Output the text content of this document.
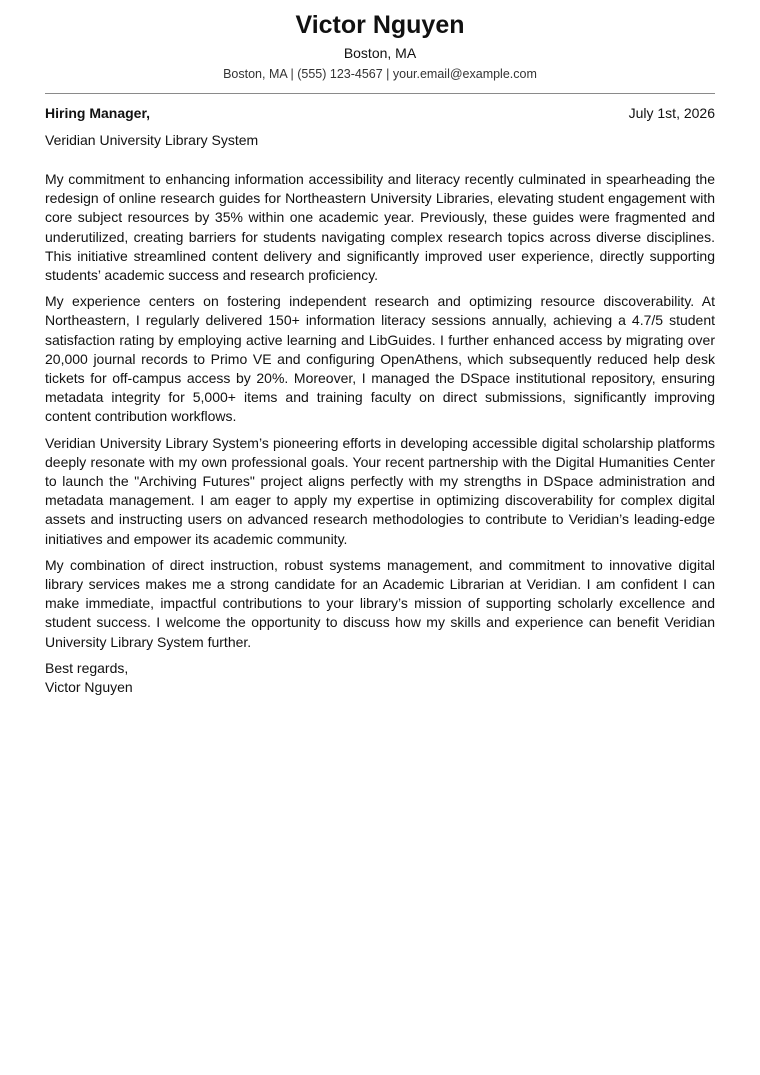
Victor Nguyen
Boston, MA
Boston, MA | (555) 123-4567 | your.email@example.com
Hiring Manager,	July 1st, 2026
Veridian University Library System

My commitment to enhancing information accessibility and literacy recently culminated in spearheading the redesign of online research guides for Northeastern University Libraries, elevating student engagement with core subject resources by 35% within one academic year. Previously, these guides were fragmented and underutilized, creating barriers for students navigating complex research topics across diverse disciplines. This initiative streamlined content delivery and significantly improved user experience, directly supporting students’ academic success and research proficiency.

My experience centers on fostering independent research and optimizing resource discoverability. At Northeastern, I regularly delivered 150+ information literacy sessions annually, achieving a 4.7/5 student satisfaction rating by employing active learning and LibGuides. I further enhanced access by migrating over 20,000 journal records to Primo VE and configuring OpenAthens, which subsequently reduced help desk tickets for off-campus access by 20%. Moreover, I managed the DSpace institutional repository, ensuring metadata integrity for 5,000+ items and training faculty on direct submissions, significantly improving content contribution workflows.

Veridian University Library System’s pioneering efforts in developing accessible digital scholarship platforms deeply resonate with my own professional goals. Your recent partnership with the Digital Humanities Center to launch the "Archiving Futures" project aligns perfectly with my strengths in DSpace administration and metadata management. I am eager to apply my expertise in optimizing discoverability for complex digital assets and instructing users on advanced research methodologies to contribute to Veridian’s leading-edge initiatives and empower its academic community.

My combination of direct instruction, robust systems management, and commitment to innovative digital library services makes me a strong candidate for an Academic Librarian at Veridian. I am confident I can make immediate, impactful contributions to your library’s mission of supporting scholarly excellence and student success. I welcome the opportunity to discuss how my skills and experience can benefit Veridian University Library System further.

Best regards,
Victor Nguyen
